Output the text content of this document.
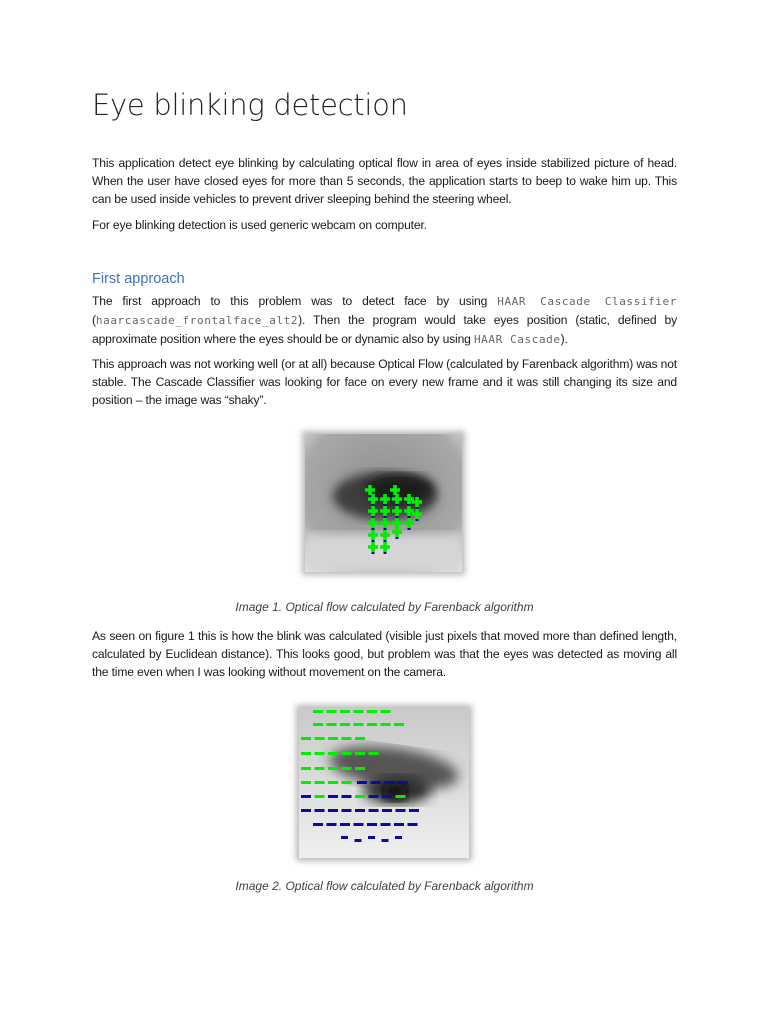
Eye blinking detection

This application detect eye blinking by calculating optical flow in area of eyes inside stabilized picture of head. When the user have closed eyes for more than 5 seconds, the application starts to beep to wake him up. This can be used inside vehicles to prevent driver sleeping behind the steering wheel.

For eye blinking detection is used generic webcam on computer.

First approach

The first approach to this problem was to detect face by using HAAR Cascade Classifier (haarcascade_frontalface_alt2). Then the program would take eyes position (static, defined by approximate position where the eyes should be or dynamic also by using HAAR Cascade).

This approach was not working well (or at all) because Optical Flow (calculated by Farenback algorithm) was not stable. The Cascade Classifier was looking for face on every new frame and it was still changing its size and position – the image was “shaky”.

Image 1. Optical flow calculated by Farenback algorithm

As seen on figure 1 this is how the blink was calculated (visible just pixels that moved more than defined length, calculated by Euclidean distance). This looks good, but problem was that the eyes was detected as moving all the time even when I was looking without movement on the camera.

Image 2. Optical flow calculated by Farenback algorithm
